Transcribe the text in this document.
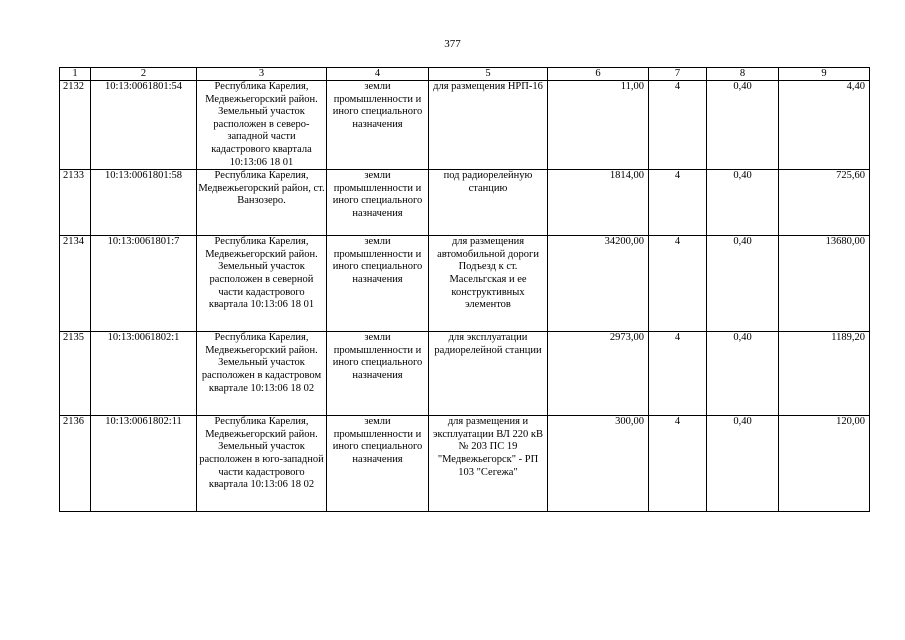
377
1	2	3	4	5	6	7	8	9
2132	10:13:0061801:54	Республика Карелия, Медвежьегорский район. Земельный участок расположен в северо-западной части кадастрового квартала 10:13:06 18 01	земли промышленности и иного специального назначения	для размещения НРП-16	11,00	4	0,40	4,40
2133	10:13:0061801:58	Республика Карелия, Медвежьегорский район, ст. Ванзозеро.	земли промышленности и иного специального назначения	под радиорелейную станцию	1814,00	4	0,40	725,60
2134	10:13:0061801:7	Республика Карелия, Медвежьегорский район. Земельный участок расположен в северной части кадастрового квартала 10:13:06 18 01	земли промышленности и иного специального назначения	для размещения автомобильной дороги Подъезд к ст. Масельгская и ее конструктивных элементов	34200,00	4	0,40	13680,00
2135	10:13:0061802:1	Республика Карелия, Медвежьегорский район. Земельный участок расположен в кадастровом квартале 10:13:06 18 02	земли промышленности и иного специального назначения	для эксплуатации радиорелейной станции	2973,00	4	0,40	1189,20
2136	10:13:0061802:11	Республика Карелия, Медвежьегорский район. Земельный участок расположен в юго-западной части кадастрового квартала 10:13:06 18 02	земли промышленности и иного специального назначения	для размещения и эксплуатации ВЛ 220 кВ № 203 ПС 19 "Медвежьегорск" - РП 103 "Сегежа"	300,00	4	0,40	120,00
